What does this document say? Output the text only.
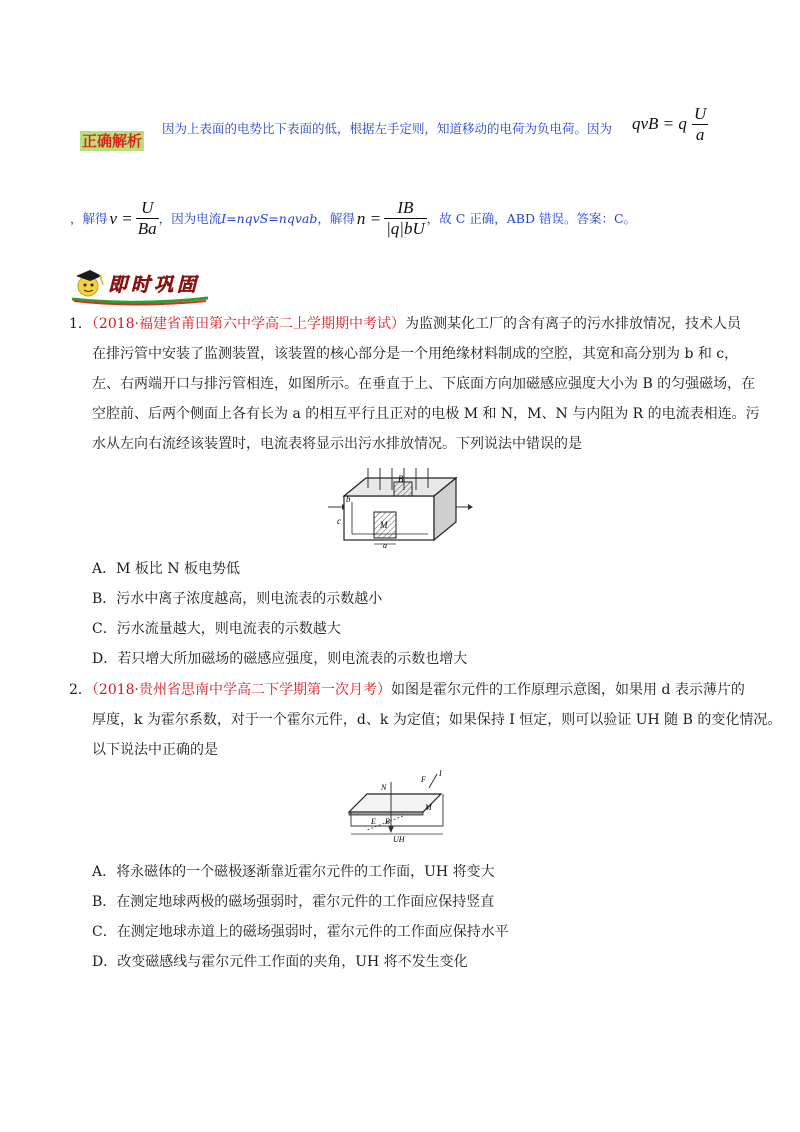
正确解析
因为上表面的电势比下表面的低，根据左手定则，知道移动的电荷为负电荷。因为 qvB = q $\frac{U}{a}$
，解得 $v = \frac{U}{Ba}$ ，因为电流 I=nqvS=nqvab ，解得 $n = \frac{IB}{|q|bU}$ ，故 C 正确，ABD 错误。答案：C。
即时巩固
1．（2018·福建省莆田第六中学高二上学期期中考试）为监测某化工厂的含有离子的污水排放情况，技术人员
在排污管中安装了监测装置，该装置的核心部分是一个用绝缘材料制成的空腔，其宽和高分别为 b 和 c，
左、右两端开口与排污管相连，如图所示。在垂直于上、下底面方向加磁感应强度大小为 B 的匀强磁场，在
空腔前、后两个侧面上各有长为 a 的相互平行且正对的电极 M 和 N，M、N 与内阻为 R 的电流表相连。污
水从左向右流经该装置时，电流表将显示出污水排放情况。下列说法中错误的是
b
B
c	M
a
A．M 板比 N 板电势低
B．污水中离子浓度越高，则电流表的示数越小
C．污水流量越大，则电流表的示数越大
D．若只增大所加磁场的磁感应强度，则电流表的示数也增大
2．（2018·贵州省思南中学高二下学期第一次月考）如图是霍尔元件的工作原理示意图，如果用 d 表示薄片的
厚度，k 为霍尔系数，对于一个霍尔元件，d、k 为定值；如果保持 I 恒定，则可以验证 UH 随 B 的变化情况。
以下说法中正确的是
N
F
I
M
E B
UH
A．将永磁体的一个磁极逐渐靠近霍尔元件的工作面，UH 将变大
B．在测定地球两极的磁场强弱时，霍尔元件的工作面应保持竖直
C．在测定地球赤道上的磁场强弱时，霍尔元件的工作面应保持水平
D．改变磁感线与霍尔元件工作面的夹角，UH 将不发生变化
